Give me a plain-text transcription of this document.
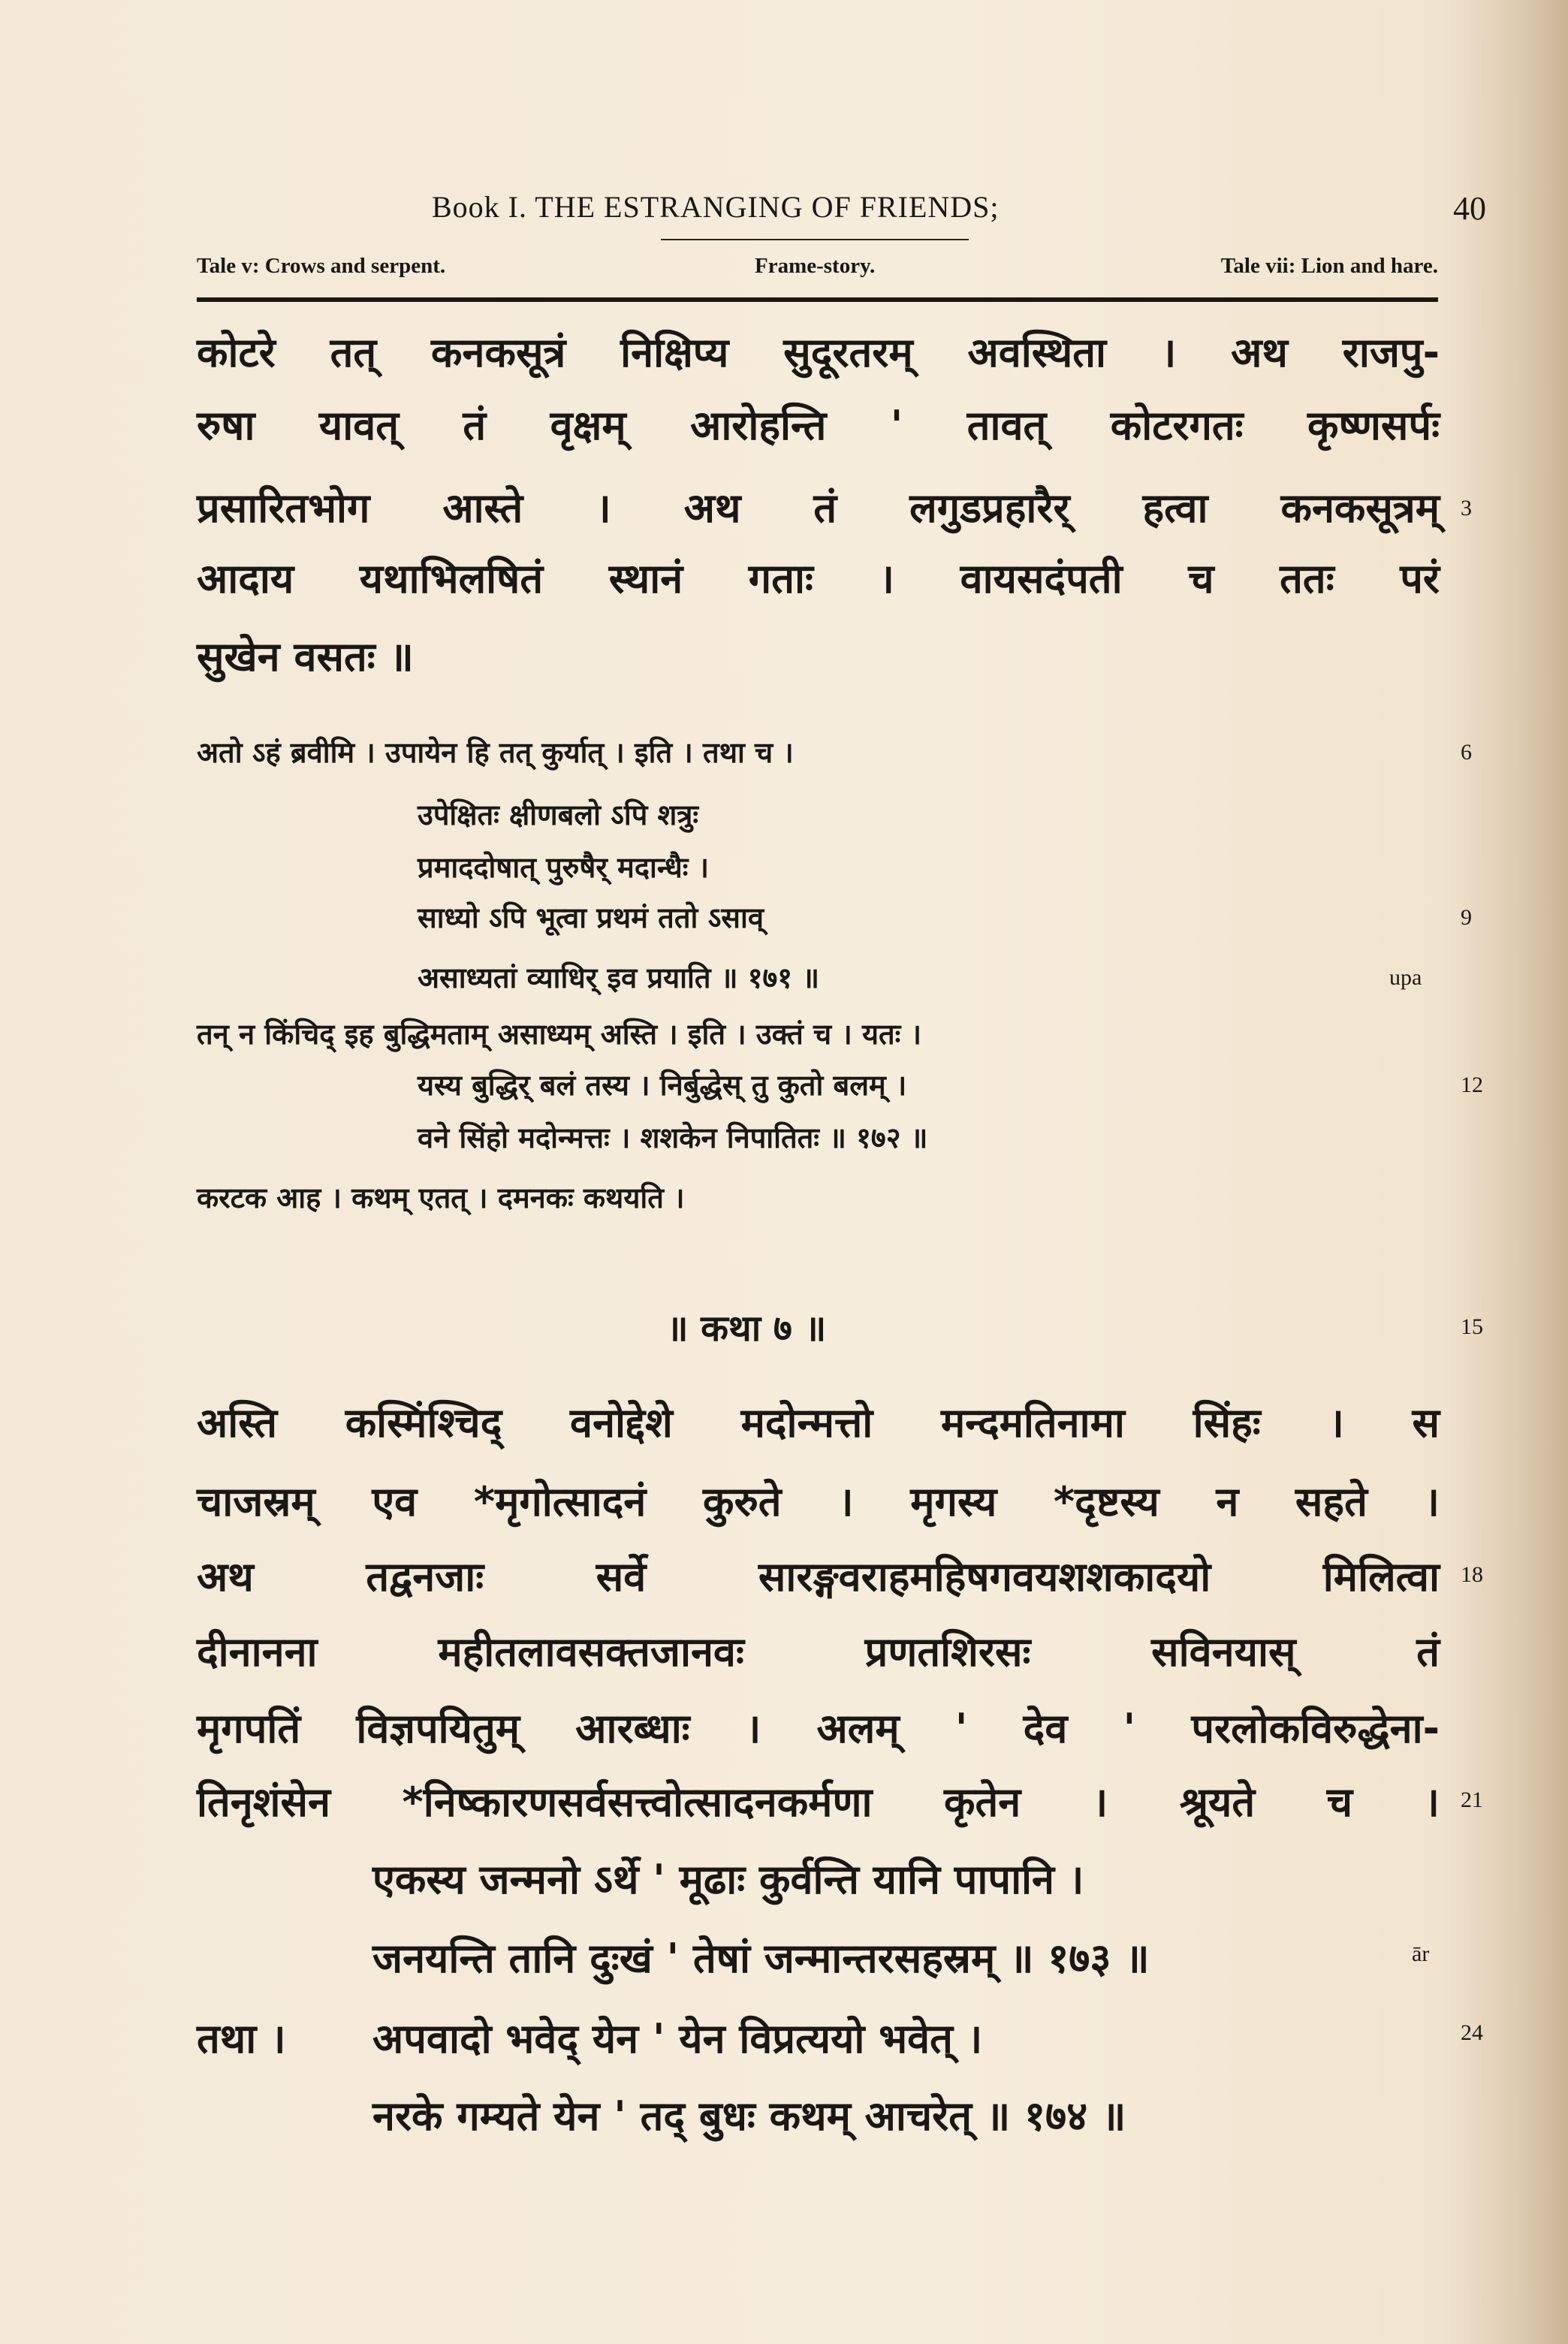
Book I. THE ESTRANGING OF FRIENDS;	40
Tale v: Crows and serpent.	Frame-story.	Tale vii: Lion and hare.
कोटरे तत् कनकसूत्रं निक्षिप्य सुदूरतरम् अवस्थिता । अथ राजपु-
रुषा यावत् तं वृक्षम् आरोहन्ति ' तावत् कोटरगतः कृष्णसर्पः
प्रसारितभोग आस्ते । अथ तं लगुडप्रहारैर् हत्वा कनकसूत्रम् 3
आदाय यथाभिलषितं स्थानं गताः । वायसदंपती च ततः परं
सुखेन वसतः ॥
अतो ऽहं ब्रवीमि । उपायेन हि तत् कुर्यात् । इति । तथा च ।	6
उपेक्षितः क्षीणबलो ऽपि शत्रुः
प्रमाददोषात् पुरुषैर् मदान्धैः ।
साध्यो ऽपि भूत्वा प्रथमं ततो ऽसाव्	9
असाध्यतां व्याधिर् इव प्रयाति ॥ १७१ ॥	upa
तन् न किंचिद् इह बुद्धिमताम् असाध्यम् अस्ति । इति । उक्तं च । यतः ।
यस्य बुद्धिर् बलं तस्य । निर्बुद्धेस् तु कुतो बलम् ।	12
वने सिंहो मदोन्मत्तः । शशकेन निपातितः ॥ १७२ ॥
करटक आह । कथम् एतत् । दमनकः कथयति ।
॥ कथा ७ ॥	15
अस्ति कस्मिंश्चिद् वनोद्देशे मदोन्मत्तो मन्दमतिनामा सिंहः । स
चाजस्रम् एव *मृगोत्सादनं कुरुते । मृगस्य *दृष्टस्य न सहते ।
अथ तद्वनजाः सर्वे सारङ्गवराहमहिषगवयशशकादयो मिलित्वा 18
दीनानना महीतलावसक्तजानवः प्रणतशिरसः सविनयास् तं
मृगपतिं विज्ञपयितुम् आरब्धाः । अलम् ' देव ' परलोकविरुद्धेना-
तिनृशंसेन *निष्कारणसर्वसत्त्वोत्सादनकर्मणा कृतेन । श्रूयते च । 21
एकस्य जन्मनो ऽर्थे ' मूढाः कुर्वन्ति यानि पापानि ।
जनयन्ति तानि दुःखं ' तेषां जन्मान्तरसहस्रम् ॥ १७३ ॥	ār
तथा । अपवादो भवेद् येन ' येन विप्रत्ययो भवेत् ।	24
नरके गम्यते येन ' तद् बुधः कथम् आचरेत् ॥ १७४ ॥
